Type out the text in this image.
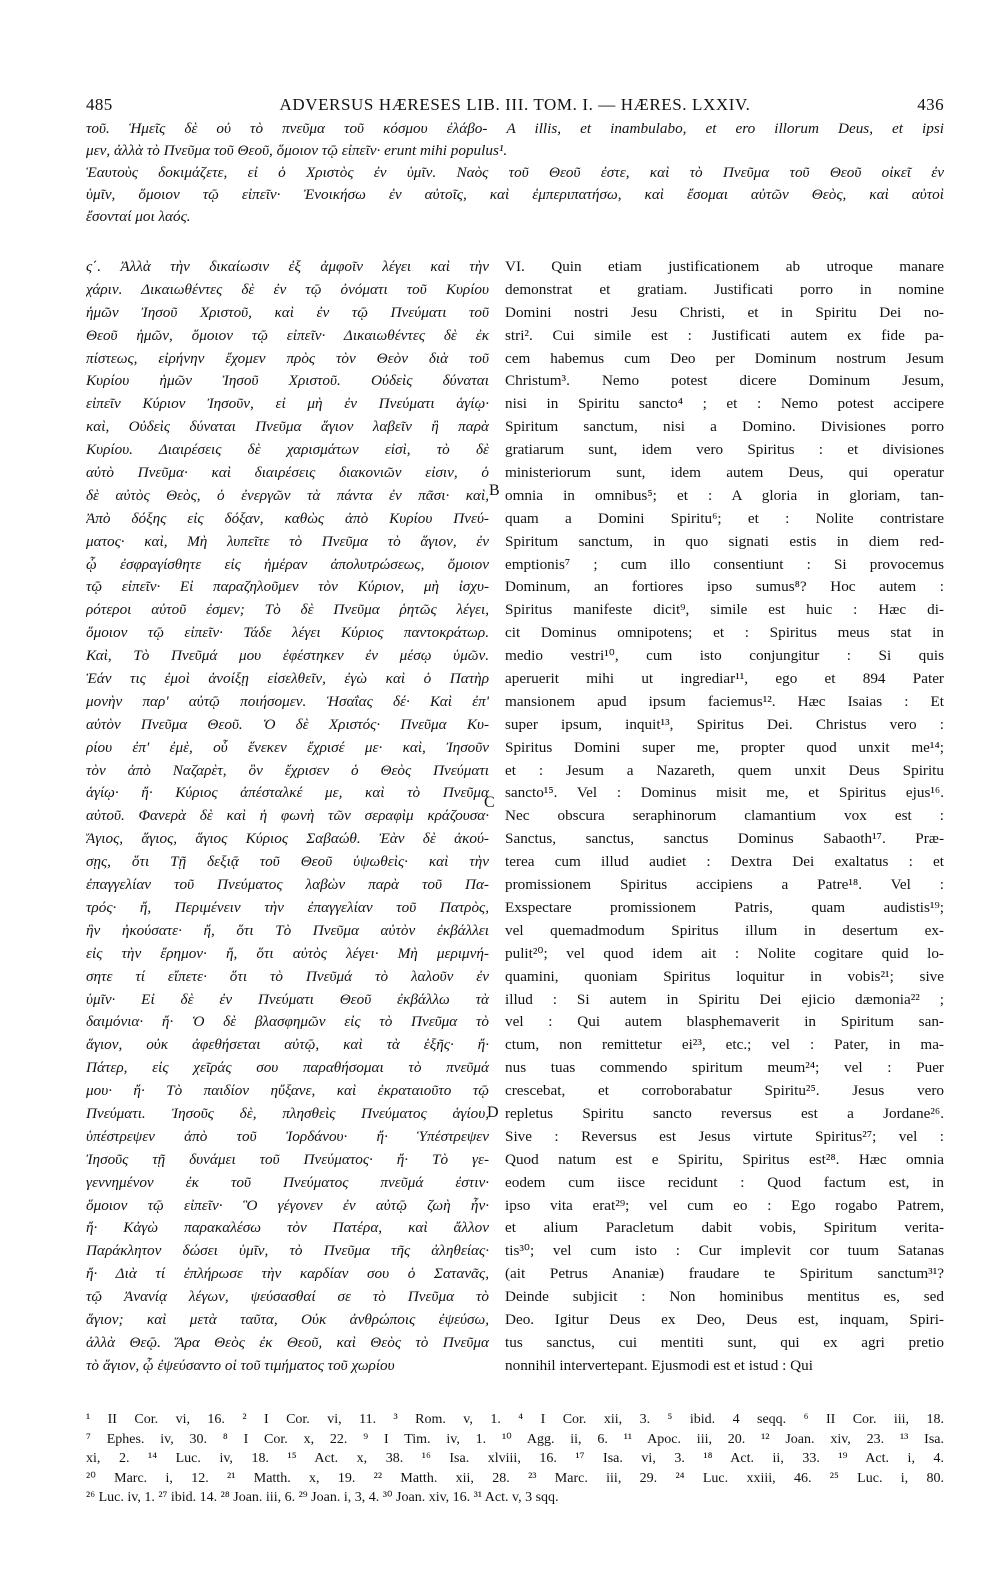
485	ADVERSUS HÆRESES LIB. III. TOM. I. — HÆRES. LXXIV.	436
τοῦ. Ἡμεῖς δὲ οὐ τὸ πνεῦμα τοῦ κόσμου ἐλάβο- A illis, et inambulabo, et ero illorum Deus, et ipsi
μεν, ἀλλὰ τὸ Πνεῦμα τοῦ Θεοῦ, ὅμοιον τῷ εἰπεῖν· erunt mihi populus¹.
Ἑαυτοὺς δοκιμάζετε, εἰ ὁ Χριστὸς ἐν ὑμῖν. Ναὸς τοῦ Θεοῦ ἐστε, καὶ τὸ Πνεῦμα τοῦ Θεοῦ οἰκεῖ ἐν
ὑμῖν, ὅμοιον τῷ εἰπεῖν· Ἐνοικήσω ἐν αὐτοῖς, καὶ ἐμπεριπατήσω, καὶ ἔσομαι αὐτῶν Θεὸς, καὶ αὐτοὶ
ἔσονταί μοι λαός.
ς΄. Ἀλλὰ τὴν δικαίωσιν ἐξ ἀμφοῖν λέγει καὶ τὴν
χάριν. Δικαιωθέντες δὲ ἐν τῷ ὀνόματι τοῦ Κυρίου
ἡμῶν Ἰησοῦ Χριστοῦ, καὶ ἐν τῷ Πνεύματι τοῦ
Θεοῦ ἡμῶν, ὅμοιον τῷ εἰπεῖν· Δικαιωθέντες δὲ ἐκ
πίστεως, εἰρήνην ἔχομεν πρὸς τὸν Θεὸν διὰ τοῦ
Κυρίου ἡμῶν Ἰησοῦ Χριστοῦ. Οὐδεὶς δύναται
εἰπεῖν Κύριον Ἰησοῦν, εἰ μὴ ἐν Πνεύματι ἁγίῳ·
καὶ, Οὐδεὶς δύναται Πνεῦμα ἅγιον λαβεῖν ἢ παρὰ
Κυρίου. Διαιρέσεις δὲ χαρισμάτων εἰσὶ, τὸ δὲ
αὐτὸ Πνεῦμα· καὶ διαιρέσεις διακονιῶν εἰσιν, ὁ
δὲ αὐτὸς Θεὸς, ὁ ἐνεργῶν τὰ πάντα ἐν πᾶσι· καὶ,
Ἀπὸ δόξης εἰς δόξαν, καθὼς ἀπὸ Κυρίου Πνεύ-
ματος· καὶ, Μὴ λυπεῖτε τὸ Πνεῦμα τὸ ἅγιον, ἐν
ᾧ ἐσφραγίσθητε εἰς ἡμέραν ἀπολυτρώσεως, ὅμοιον
τῷ εἰπεῖν· Εἰ παραζηλοῦμεν τὸν Κύριον, μὴ ἰσχυ-
ρότεροι αὐτοῦ ἐσμεν; Τὸ δὲ Πνεῦμα ῥητῶς λέγει,
ὅμοιον τῷ εἰπεῖν· Τάδε λέγει Κύριος παντοκράτωρ.
Καὶ, Τὸ Πνεῦμά μου ἐφέστηκεν ἐν μέσῳ ὑμῶν.
Ἐάν τις ἐμοὶ ἀνοίξῃ εἰσελθεῖν, ἐγὼ καὶ ὁ Πατὴρ
μονὴν παρ' αὐτῷ ποιήσομεν. Ἡσαΐας δέ· Καὶ ἐπ'
αὐτὸν Πνεῦμα Θεοῦ. Ὁ δὲ Χριστός· Πνεῦμα Κυ-
ρίου ἐπ' ἐμὲ, οὗ ἕνεκεν ἔχρισέ με· καὶ, Ἰησοῦν
τὸν ἀπὸ Ναζαρὲτ, ὃν ἔχρισεν ὁ Θεὸς Πνεύματι
ἁγίῳ· ἤ· Κύριος ἀπέσταλκέ με, καὶ τὸ Πνεῦμα
αὐτοῦ. Φανερὰ δὲ καὶ ἡ φωνὴ τῶν σεραφὶμ κράζουσα·
Ἅγιος, ἅγιος, ἅγιος Κύριος Σαβαώθ. Ἐὰν δὲ ἀκού-
σῃς, ὅτι Τῇ δεξιᾷ τοῦ Θεοῦ ὑψωθεὶς· καὶ τὴν
ἐπαγγελίαν τοῦ Πνεύματος λαβὼν παρὰ τοῦ Πα-
τρός· ἤ, Περιμένειν τὴν ἐπαγγελίαν τοῦ Πατρὸς,
ἣν ἠκούσατε· ἤ, ὅτι Τὸ Πνεῦμα αὐτὸν ἐκβάλλει
εἰς τὴν ἔρημον· ἤ, ὅτι αὐτὸς λέγει· Μὴ μεριμνή-
σητε τί εἴπετε· ὅτι τὸ Πνεῦμά τὸ λαλοῦν ἐν
ὑμῖν· Εἰ δὲ ἐν Πνεύματι Θεοῦ ἐκβάλλω τὰ
δαιμόνια· ἤ· Ὁ δὲ βλασφημῶν εἰς τὸ Πνεῦμα τὸ
ἅγιον, οὐκ ἀφεθήσεται αὐτῷ, καὶ τὰ ἑξῆς· ἤ·
Πάτερ, εἰς χεῖράς σου παραθήσομαι τὸ πνεῦμά
μου· ἤ· Τὸ παιδίον ηὔξανε, καὶ ἐκραταιοῦτο τῷ
Πνεύματι. Ἰησοῦς δὲ, πλησθεὶς Πνεύματος ἁγίου,
ὑπέστρεψεν ἀπὸ τοῦ Ἰορδάνου· ἤ· Ὑπέστρεψεν
Ἰησοῦς τῇ δυνάμει τοῦ Πνεύματος· ἤ· Τὸ γε-
γεννημένον ἐκ τοῦ Πνεύματος πνεῦμά ἐστιν·
ὅμοιον τῷ εἰπεῖν· Ὃ γέγονεν ἐν αὐτῷ ζωὴ ἦν·
ἤ· Κἀγὼ παρακαλέσω τὸν Πατέρα, καὶ ἄλλον
Παράκλητον δώσει ὑμῖν, τὸ Πνεῦμα τῆς ἀληθείας·
ἤ· Διὰ τί ἐπλήρωσε τὴν καρδίαν σου ὁ Σατανᾶς,
τῷ Ἀνανίᾳ λέγων, ψεύσασθαί σε τὸ Πνεῦμα τὸ
ἅγιον; καὶ μετὰ ταῦτα, Οὐκ ἀνθρώποις ἐψεύσω,
ἀλλὰ Θεῷ. Ἄρα Θεὸς ἐκ Θεοῦ, καὶ Θεὸς τὸ Πνεῦμα
τὸ ἅγιον, ᾧ ἐψεύσαντο οἱ τοῦ τιμήματος τοῦ χωρίου
VI. Quin etiam justificationem ab utroque manare
demonstrat et gratiam. Justificati porro in nomine
Domini nostri Jesu Christi, et in Spiritu Dei no-
stri². Cui simile est : Justificati autem ex fide pa-
cem habemus cum Deo per Dominum nostrum Jesum
Christum³. Nemo potest dicere Dominum Jesum,
nisi in Spiritu sancto⁴ ; et : Nemo potest accipere
Spiritum sanctum, nisi a Domino. Divisiones porro
gratiarum sunt, idem vero Spiritus : et divisiones
ministeriorum sunt, idem autem Deus, qui operatur
omnia in omnibus⁵; et : A gloria in gloriam, tan-
quam a Domini Spiritu⁶; et : Nolite contristare
Spiritum sanctum, in quo signati estis in diem red-
emptionis⁷ ; cum illo consentiunt : Si provocemus
Dominum, an fortiores ipso sumus⁸? Hoc autem :
Spiritus manifeste dicit⁹, simile est huic : Hæc di-
cit Dominus omnipotens; et : Spiritus meus stat in
medio vestri¹⁰, cum isto conjungitur : Si quis
aperuerit mihi ut ingrediar¹¹, ego et 894 Pater
mansionem apud ipsum faciemus¹². Hæc Isaias : Et
super ipsum, inquit¹³, Spiritus Dei. Christus vero :
Spiritus Domini super me, propter quod unxit me¹⁴;
et : Jesum a Nazareth, quem unxit Deus Spiritu
sancto¹⁵. Vel : Dominus misit me, et Spiritus ejus¹⁶.
Nec obscura seraphinorum clamantium vox est :
Sanctus, sanctus, sanctus Dominus Sabaoth¹⁷. Præ-
terea cum illud audiet : Dextra Dei exaltatus : et
promissionem Spiritus accipiens a Patre¹⁸. Vel :
Exspectare promissionem Patris, quam audistis¹⁹;
vel quemadmodum Spiritus illum in desertum ex-
pulit²⁰; vel quod idem ait : Nolite cogitare quid lo-
quamini, quoniam Spiritus loquitur in vobis²¹; sive
illud : Si autem in Spiritu Dei ejicio dæmonia²² ;
vel : Qui autem blasphemaverit in Spiritum san-
ctum, non remittetur ei²³, etc.; vel : Pater, in ma-
nus tuas commendo spiritum meum²⁴; vel : Puer
crescebat, et corroborabatur Spiritu²⁵. Jesus vero
repletus Spiritu sancto reversus est a Jordane²⁶.
Sive : Reversus est Jesus virtute Spiritus²⁷; vel :
Quod natum est e Spiritu, Spiritus est²⁸. Hæc omnia
eodem cum iisce recidunt : Quod factum est, in
ipso vita erat²⁹; vel cum eo : Ego rogabo Patrem,
et alium Paracletum dabit vobis, Spiritum verita-
tis³⁰; vel cum isto : Cur implevit cor tuum Satanas
(ait Petrus Ananiæ) fraudare te Spiritum sanctum³¹?
Deinde subjicit : Non hominibus mentitus es, sed
Deo. Igitur Deus ex Deo, Deus est, inquam, Spiri-
tus sanctus, cui mentiti sunt, qui ex agri pretio
nonnihil intervertерant. Ejusmodi est et istud : Qui
B
C
D
¹ II Cor. vi, 16. ² I Cor. vi, 11. ³ Rom. v, 1. ⁴ I Cor. xii, 3. ⁵ ibid. 4 seqq. ⁶ II Cor. iii, 18.
⁷ Ephes. iv, 30. ⁸ I Cor. x, 22. ⁹ I Tim. iv, 1. ¹⁰ Agg. ii, 6. ¹¹ Apoc. iii, 20. ¹² Joan. xiv, 23. ¹³ Isa.
xi, 2. ¹⁴ Luc. iv, 18. ¹⁵ Act. x, 38. ¹⁶ Isa. xlviii, 16. ¹⁷ Isa. vi, 3. ¹⁸ Act. ii, 33. ¹⁹ Act. i, 4.
²⁰ Marc. i, 12. ²¹ Matth. x, 19. ²² Matth. xii, 28. ²³ Marc. iii, 29. ²⁴ Luc. xxiii, 46. ²⁵ Luc. i, 80.
²⁶ Luc. iv, 1. ²⁷ ibid. 14. ²⁸ Joan. iii, 6. ²⁹ Joan. i, 3, 4. ³⁰ Joan. xiv, 16. ³¹ Act. v, 3 sqq.
